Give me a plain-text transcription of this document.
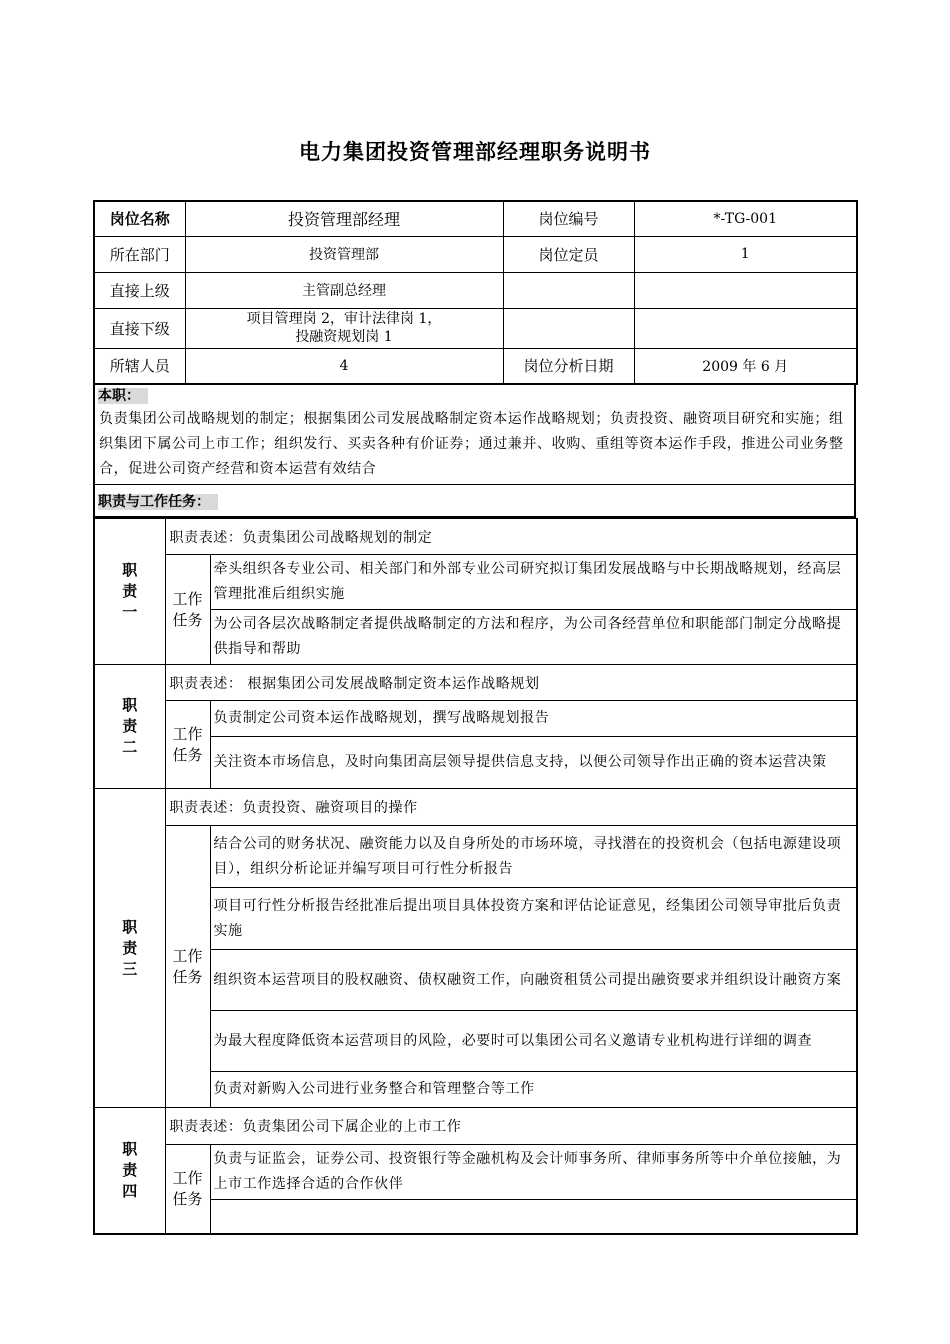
电力集团投资管理部经理职务说明书
岗位名称	投资管理部经理	岗位编号	*-TG-001
所在部门	投资管理部	岗位定员	1
直接上级	主管副总经理		
直接下级	项目管理岗 2，审计法律岗 1，
投融资规划岗 1		

所辖人员	4	岗位分析日期	2009 年 6 月
本职：
负责集团公司战略规划的制定；根据集团公司发展战略制定资本运作战略规划；负责投资、融资项目研究和实施；组织集团下属公司上市工作；组织发行、买卖各种有价证券；通过兼并、收购、重组等资本运作手段，推进公司业务整合，促进公司资产经营和资本运营有效结合
职责与工作任务：
职
责
一	职责表述：负责集团公司战略规划的制定	

	工作
任务	牵头组织各专业公司、相关部门和外部专业公司研究拟订集团发展战略与中长期战略规划，经高层管理批准后组织实施
		为公司各层次战略制定者提供战略制定的方法和程序，为公司各经营单位和职能部门制定分战略提供指导和帮助

职
责
二	职责表述： 根据集团公司发展战略制定资本运作战略规划	

	工作
任务	负责制定公司资本运作战略规划，撰写战略规划报告
		关注资本市场信息，及时向集团高层领导提供信息支持，以便公司领导作出正确的资本运营决策

职
责
三	职责表述：负责投资、融资项目的操作	

	工作
任务	结合公司的财务状况、融资能力以及自身所处的市场环境，寻找潜在的投资机会（包括电源建设项目），组织分析论证并编写项目可行性分析报告
		项目可行性分析报告经批准后提出项目具体投资方案和评估论证意见，经集团公司领导审批后负责实施
		组织资本运营项目的股权融资、债权融资工作，向融资租赁公司提出融资要求并组织设计融资方案
		为最大程度降低资本运营项目的风险，必要时可以集团公司名义邀请专业机构进行详细的调查
		负责对新购入公司进行业务整合和管理整合等工作

职
责
四	职责表述：负责集团公司下属企业的上市工作	

	工作
任务	负责与证监会，证券公司、投资银行等金融机构及会计师事务所、律师事务所等中介单位接触，为上市工作选择合适的合作伙伴
